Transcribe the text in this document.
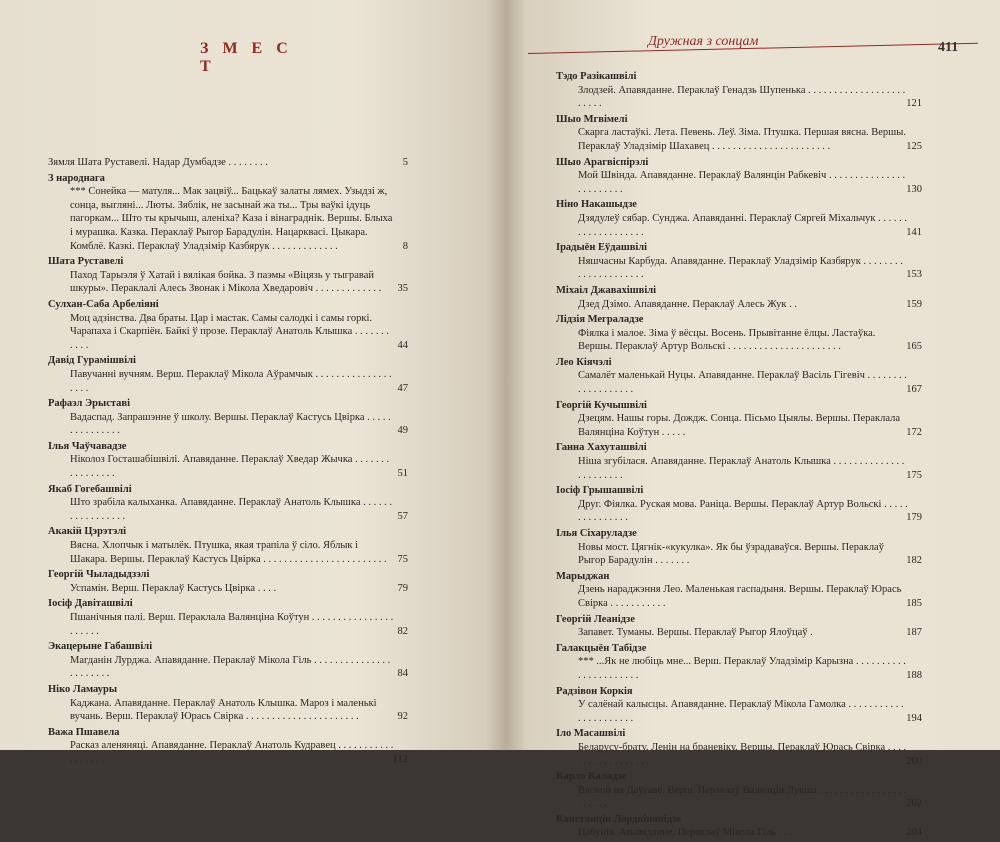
З М Е С Т
Зямля Шата Руставелі. Надар Думбадзе . . . . . . . .	5
З народнага
*** Сонейка — матуля... Мак зацвіў... Бацькаў залаты лямех. Узыдзі ж, сонца, выглянi... Люты. Зяблік, не засынай жа ты... Тры ваўкі ідуць пагоркам... Што ты крычыш, аленіха? Каза і вінаграднік. Вершы. Блыха і мурашка. Казка. Пераклаў Рыгор Барадулін. Нацарквасі. Цыкара. Комблё. Казкі. Пераклаў Уладзімір Казбярук . . . . . . . . . . . . .	8
Шата Руставелі
Паход Тарыэля ў Хатай і вялікая бойка. З паэмы «Віцязь у тыгравай шкуры». Пераклалі Алесь Звонак і Мікола Хведаровіч . . . . . . . . . . . . .	35
Сулхан-Саба Арбеліяні
Моц адзінства. Два браты. Цар і мастак. Самы салодкі і самы горкі. Чарапаха і Скарпіён. Байкі ў прозе. Пераклаў Анатоль Клышка . . . . . . . . . . .	44
Давід Гурамішвілі
Павучанні вучням. Верш. Пераклаў Мікола Аўрамчык . . . . . . . . . . . . . . . . . . .	47
Рафаэл Эрыставі
Вадаспад. Запрашэнне ў школу. Вершы. Пераклаў Кастусь Цвірка . . . . . . . . . . . . . . .	49
Ілья Чаўчавадзе
Ніколоз Госташабішвілі. Апавяданне. Пераклаў Хведар Жычка . . . . . . . . . . . . . . . .	51
Якаб Гогебашвілі
Што зрабіла калыханка. Апавяданне. Пераклаў Анатоль Клышка . . . . . . . . . . . . . . . . .	57
Акакій Цэрэтэлі
Вясна. Хлопчык і матылёк. Птушка, якая трапіла ў сіло. Яблык і Шакара. Вершы. Пераклаў Кастусь Цвірка . . . . . . . . . . . . . . . . . . . . . . . .	75
Георгій Чыладыдзэлі
Успамін. Верш. Пераклаў Кастусь Цвірка . . . .	79
Іосіф Давіташвілі
Пшанічныя палі. Верш. Пераклала Валянціна Коўтун . . . . . . . . . . . . . . . . . . . . . .	82
Экацерыне Габашвілі
Магданін Лурджа. Апавяданне. Пераклаў Мікола Гіль . . . . . . . . . . . . . . . . . . . . . . .	84
Ніко Ламауры
Каджана. Апавяданне. Пераклаў Анатоль Клышка. Мароз і маленькі вучань. Верш. Пераклаў Юрась Свірка . . . . . . . . . . . . . . . . . . . . . .	92
Важа Пшавела
Расказ аленяняці. Апавяданне. Пераклаў Анатоль Кудравец . . . . . . . . . . . . . . . . . .	112
Дружная з сонцам	411
Тэдо Разікашвілі
Злодзей. Апавяданне. Пераклаў Генадзь Шупенька . . . . . . . . . . . . . . . . . . . . . . . .	121
Шыо Мгвімелі
Скарга ластаўкі. Лета. Певень. Леў. Зіма. Птушка. Першая вясна. Вершы. Пераклаў Уладзімір Шахавец . . . . . . . . . . . . . . . . . . . . . . .	125
Шыо Арагвіспірэлі
Мой Швінда. Апавяданне. Пераклаў Валянцін Рабкевіч . . . . . . . . . . . . . . . . . . . . . . . .	130
Ніно Накашыдзе
Дзядулеў сябар. Сунджа. Апавяданні. Пераклаў Сяргей Міхальчук . . . . . . . . . . . . . . . . . . .	141
Ірадыён Еўдашвілі
Няшчасны Карбуда. Апавяданне. Пераклаў Уладзімір Казбярук . . . . . . . . . . . . . . . . . . . . .	153
Міхаіл Джавахішвілі
Дзед Дзімо. Апавяданне. Пераклаў Алесь Жук . .	159
Лідзія Меграладзе
Фіялка і малое. Зіма ў вёсцы. Восень. Прывітанне ёлцы. Ластаўка. Вершы. Пераклаў Артур Вольскі . . . . . . . . . . . . . . . . . . . . . .	165
Лео Кіячэлі
Самалёт маленькай Нуцы. Апавяданне. Пераклаў Васіль Гігевіч . . . . . . . . . . . . . . . . . . .	167
Георгій Кучышвілі
Дзецям. Нашы горы. Дождж. Сонца. Пісьмо Цыялы. Вершы. Пераклала Валянціна Коўтун . . . . .	172
Ганна Хахуташвілі
Ніша згубілася. Апавяданне. Пераклаў Анатоль Клышка . . . . . . . . . . . . . . . . . . . . . . .	175
Іосіф Грышашвілі
Друг. Фіялка. Руская мова. Раніца. Вершы. Пераклаў Артур Вольскі . . . . . . . . . . . . . . .	179
Ілья Сіхаруладзе
Новы мост. Цягнік-«кукулка». Як бы ўзрадаваўся. Вершы. Пераклаў Рыгор Барадулін . . . . . . .	182
Марыджан
Дзень нараджэння Лео. Маленькая гаспадыня. Вершы. Пераклаў Юрась Свірка . . . . . . . . . . .	185
Георгій Леанідзе
Запавет. Туманы. Вершы. Пераклаў Рыгор Ялоўцаў .	187
Галакцыён Табідзе
*** ...Як не любіць мне... Верш. Пераклаў Уладзімір Карызна . . . . . . . . . . . . . . . . . . . . . .	188
Радзівон Коркія
У салёнай калысцы. Апавяданне. Пераклаў Мікола Гамолка . . . . . . . . . . . . . . . . . . . . . .	194
Іло Масашвілі
Беларусу-брату. Ленін на браневіку. Вершы. Пераклаў Юрась Свірка . . . . . . . . . . . . . . . . . .	200
Карло Каладзе
Вясной на Даўгаве. Верш. Пераклаў Валянцін Лукша . . . . . . . . . . . . . . . . . . . . . . .	202
Канстанцін Лордкіпанідзе
Цабунія. Апавяданне. Пераклаў Мікола Гіль . . .	204
